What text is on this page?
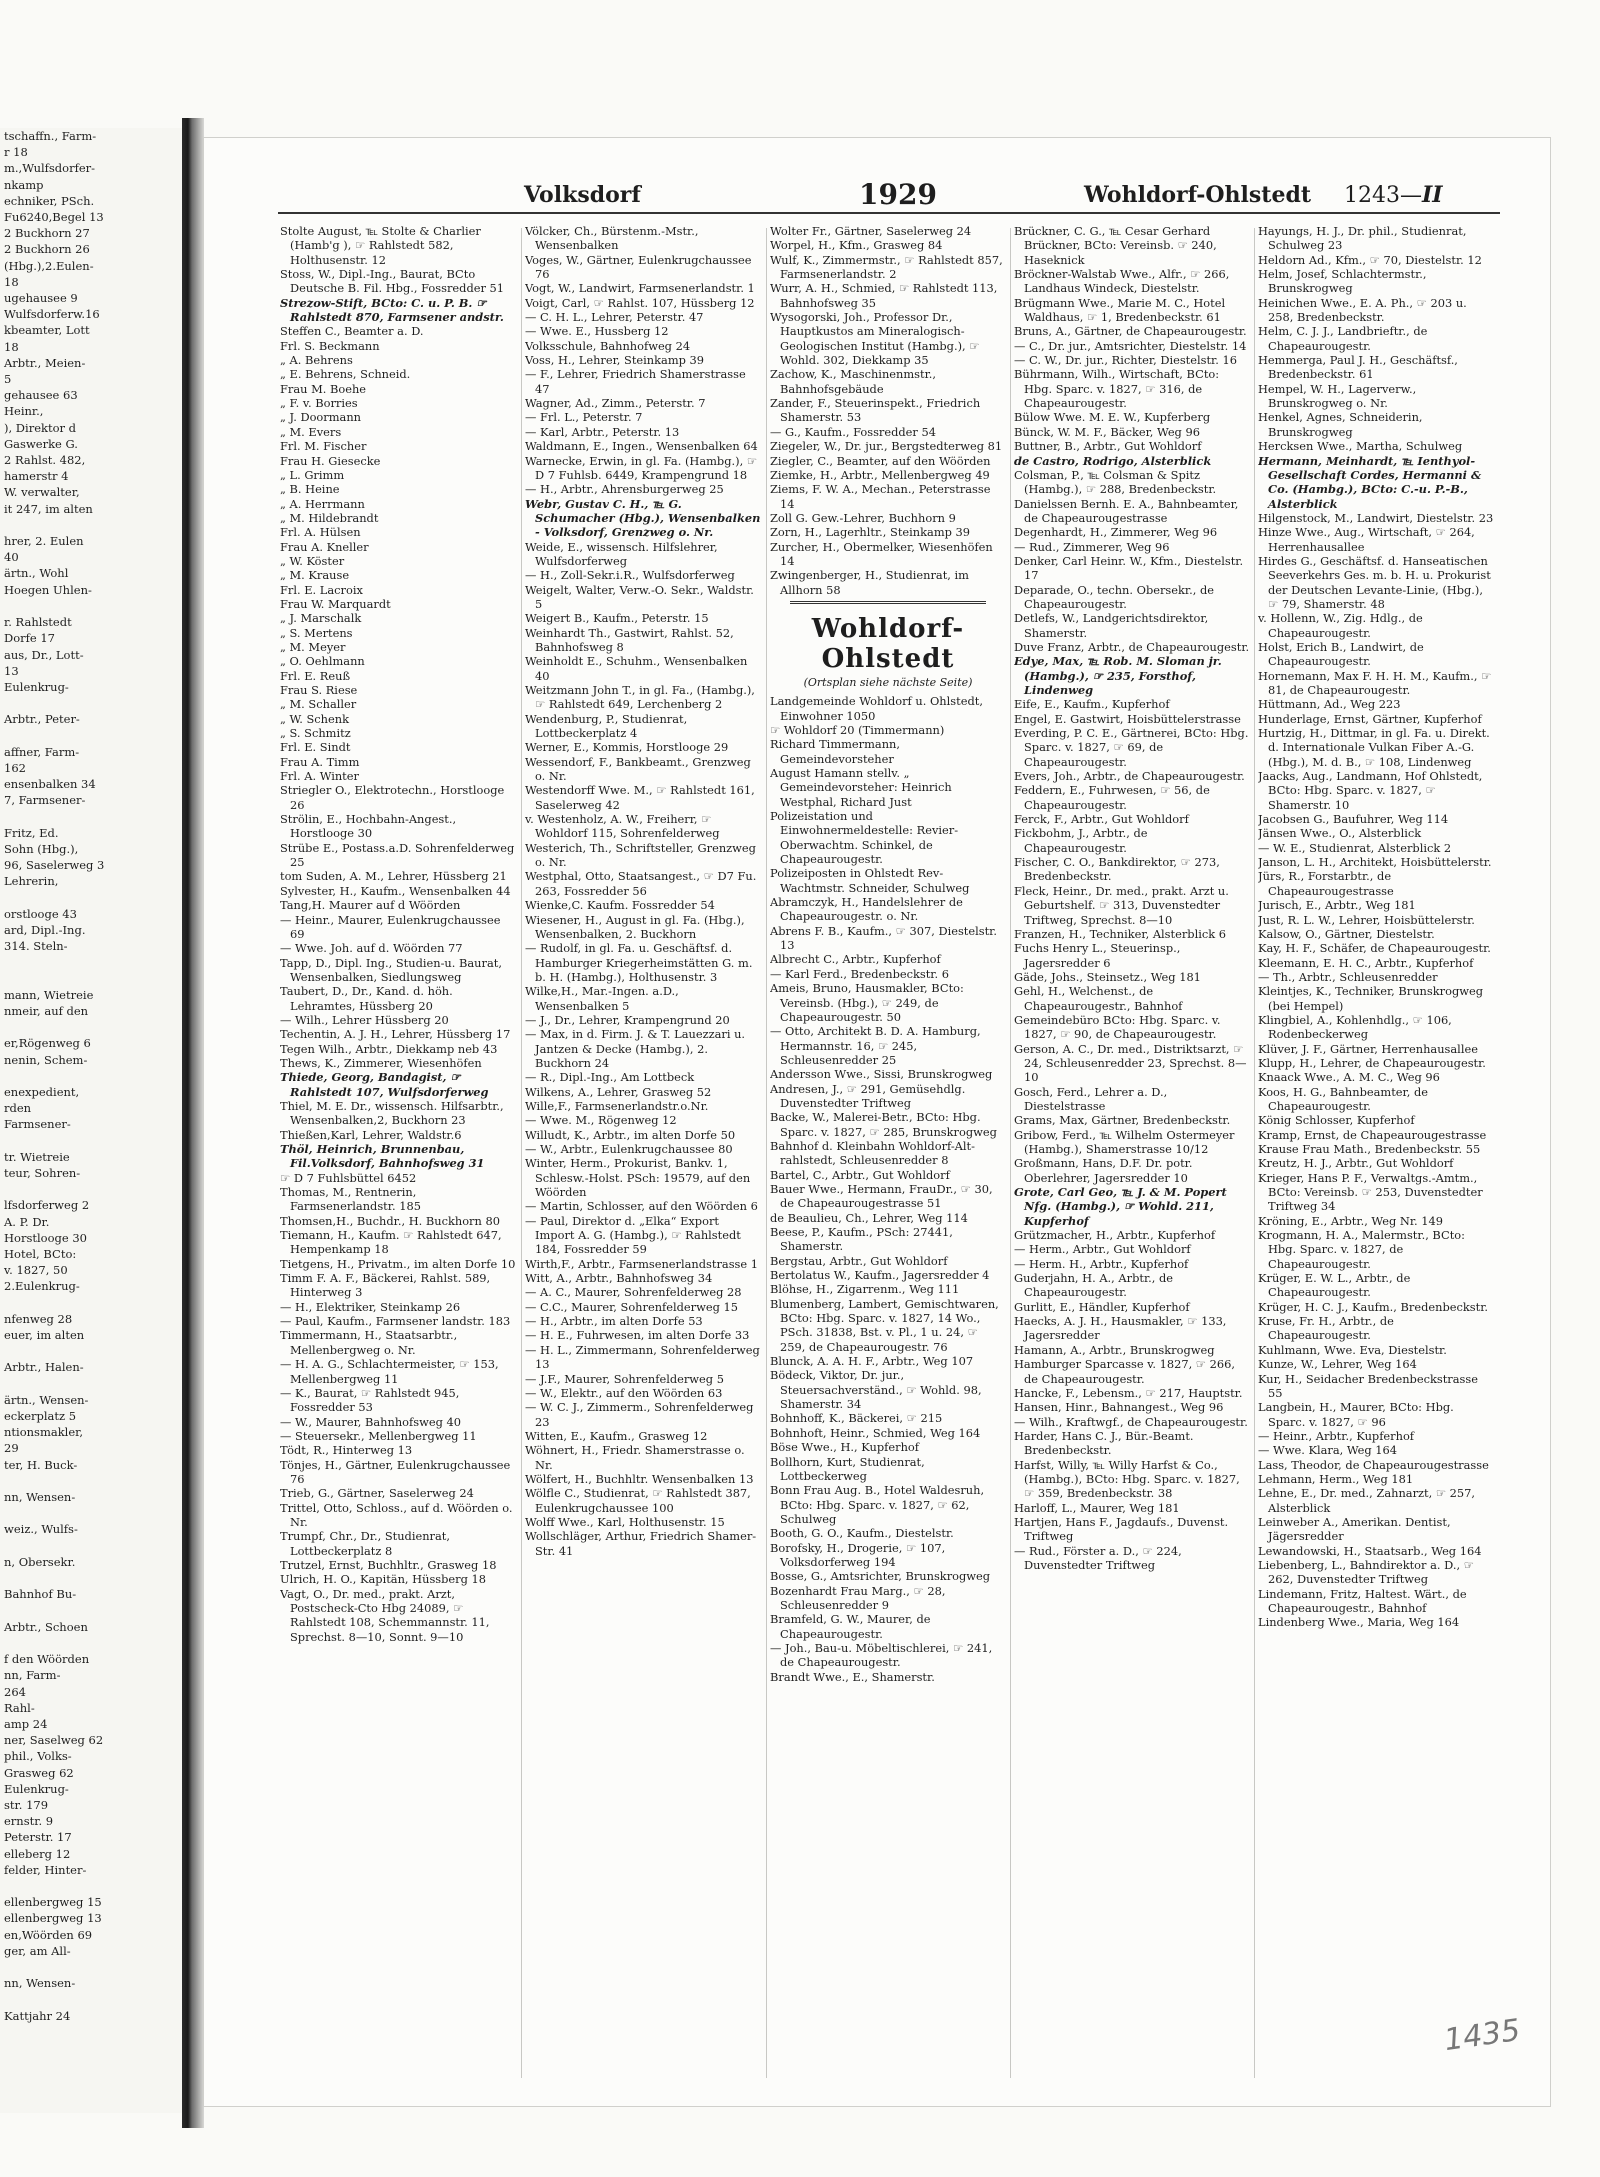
tschaffn., Farm-
r 18
m.,Wulfsdorfer-
nkamp
echniker, PSch.
Fu6240,Begel 13
2 Buckhorn 27
2 Buckhorn 26
(Hbg.),2.Eulen-
18
ugehausee 9
Wulfsdorferw.16
kbeamter, Lott
18
Arbtr., Meien-
5
gehausee 63
Heinr.,
), Direktor d
Gaswerke G.
2 Rahlst. 482,
hamerstr 4
W. verwalter,
it 247, im alten

hrer, 2. Eulen
40
ärtn., Wohl
Hoegen Uhlen-

r. Rahlstedt
Dorfe 17
aus, Dr., Lott-
13
Eulenkrug-

Arbtr., Peter-

affner, Farm-
162
ensenbalken 34
7, Farmsener-

Fritz, Ed.
Sohn (Hbg.),
96, Saselerweg 3
Lehrerin,

orstlooge 43
ard, Dipl.-Ing.
314. Steln-

mann, Wietreie
nmeir, auf den

er,Rögenweg 6
nenin, Schem-

enexpedient,
rden
Farmsener-

tr. Wietreie
teur, Sohren-

lfsdorferweg 2
A. P. Dr.
Horstlooge 30
Hotel, BCto:
v. 1827, 50
2.Eulenkrug-

nfenweg 28
euer, im alten

Arbtr., Halen-

ärtn., Wensen-
eckerplatz 5
ntionsmakler,
29
ter, H. Buck-

nn, Wensen-

weiz., Wulfs-

n, Obersekr.

Bahnhof Bu-

Arbtr., Schoen

f den Wöörden
nn, Farm-
264
Rahl-
amp 24
ner, Saselweg 62
phil., Volks-
Grasweg 62
Eulenkrug-
str. 179
ernstr. 9
Peterstr. 17
elleberg 12
felder, Hinter-

ellenbergweg 15
ellenbergweg 13
en,Wöörden 69
ger, am All-

nn, Wensen-

Kattjahr 24
Volksdorf	1929	Wohldorf-Ohlstedt 1243—II

Stolte August, ℡ Stolte & Charlier (Hamb'g ), ☞ Rahlstedt 582, Holthusenstr. 12

Stoss, W., Dipl.-Ing., Baurat, BCto Deutsche B. Fil. Hbg., Fossredder 51

Strezow-Stift, BCto: C. u. P. B. ☞ Rahlstedt 870, Farmsener andstr.

Steffen C., Beamter a. D.

Frl. S. Beckmann

„ A. Behrens

„ E. Behrens, Schneid.

Frau M. Boehe

„ F. v. Borries

„ J. Doormann

„ M. Evers

Frl. M. Fischer

Frau H. Giesecke

„ L. Grimm

„ B. Heine

„ A. Herrmann

„ M. Hildebrandt

Frl. A. Hülsen

Frau A. Kneller

„ W. Köster

„ M. Krause

Frl. E. Lacroix

Frau W. Marquardt

„ J. Marschalk

„ S. Mertens

„ M. Meyer

„ O. Oehlmann

Frl. E. Reuß

Frau S. Riese

„ M. Schaller

„ W. Schenk

„ S. Schmitz

Frl. E. Sindt

Frau A. Timm

Frl. A. Winter

Striegler O., Elektrotechn., Horstlooge 26

Strölin, E., Hochbahn-Angest., Horstlooge 30

Strübe E., Postass.a.D. Sohrenfelderweg 25

tom Suden, A. M., Lehrer, Hüssberg 21

Sylvester, H., Kaufm., Wensenbalken 44

Tang,H. Maurer auf d Wöörden

— Heinr., Maurer, Eulenkrugchaussee 69

— Wwe. Joh. auf d. Wöörden 77

Tapp, D., Dipl. Ing., Studien-u. Baurat, Wensenbalken, Siedlungsweg

Taubert, D., Dr., Kand. d. höh. Lehramtes, Hüssberg 20

— Wilh., Lehrer Hüssberg 20

Techentin, A. J. H., Lehrer, Hüssberg 17

Tegen Wilh., Arbtr., Diekkamp neb 43

Thews, K., Zimmerer, Wiesenhöfen

Thiede, Georg, Bandagist, ☞ Rahlstedt 107, Wulfsdorferweg

Thiel, M. E. Dr., wissensch. Hilfsarbtr., Wensenbalken,2, Buckhorn 23

Thießen,Karl, Lehrer, Waldstr.6

Thöl, Heinrich, Brunnenbau, Fil.Volksdorf, Bahnhofsweg 31

☞ D 7 Fuhlsbüttel 6452

Thomas, M., Rentnerin, Farmsenerlandstr. 185

Thomsen,H., Buchdr., H. Buckhorn 80

Tiemann, H., Kaufm. ☞ Rahlstedt 647, Hempenkamp 18

Tietgens, H., Privatm., im alten Dorfe 10

Timm F. A. F., Bäckerei, Rahlst. 589, Hinterweg 3

— H., Elektriker, Steinkamp 26

— Paul, Kaufm., Farmsener landstr. 183

Timmermann, H., Staatsarbtr., Mellenbergweg o. Nr.

— H. A. G., Schlachtermeister, ☞ 153, Mellenbergweg 11

— K., Baurat, ☞ Rahlstedt 945, Fossredder 53

— W., Maurer, Bahnhofsweg 40

— Steuersekr., Mellenbergweg 11

Tödt, R., Hinterweg 13

Tönjes, H., Gärtner, Eulenkrugchaussee 76

Trieb, G., Gärtner, Saselerweg 24

Trittel, Otto, Schloss., auf d. Wöörden o. Nr.

Trumpf, Chr., Dr., Studienrat, Lottbeckerplatz 8

Trutzel, Ernst, Buchhltr., Grasweg 18

Ulrich, H. O., Kapitän, Hüssberg 18

Vagt, O., Dr. med., prakt. Arzt, Postscheck-Cto Hbg 24089, ☞ Rahlstedt 108, Schemmannstr. 11, Sprechst. 8—10, Sonnt. 9—10

Völcker, Ch., Bürstenm.-Mstr., Wensenbalken

Voges, W., Gärtner, Eulenkrugchaussee 76

Vogt, W., Landwirt, Farmsenerlandstr. 1

Voigt, Carl, ☞ Rahlst. 107, Hüssberg 12

— C. H. L., Lehrer, Peterstr. 47

— Wwe. E., Hussberg 12

Volksschule, Bahnhofweg 24

Voss, H., Lehrer, Steinkamp 39

— F., Lehrer, Friedrich Shamerstrasse 47

Wagner, Ad., Zimm., Peterstr. 7

— Frl. L., Peterstr. 7

— Karl, Arbtr., Peterstr. 13

Waldmann, E., Ingen., Wensenbalken 64

Warnecke, Erwin, in gl. Fa. (Hambg.), ☞ D 7 Fuhlsb. 6449, Krampengrund 18

— H., Arbtr., Ahrensburgerweg 25

Webr, Gustav C. H., ℡ G. Schumacher (Hbg.), Wensenbalken - Volksdorf, Grenzweg o. Nr.

Weide, E., wissensch. Hilfslehrer, Wulfsdorferweg

— H., Zoll-Sekr.i.R., Wulfsdorferweg

Weigelt, Walter, Verw.-O. Sekr., Waldstr. 5

Weigert B., Kaufm., Peterstr. 15

Weinhardt Th., Gastwirt, Rahlst. 52, Bahnhofsweg 8

Weinholdt E., Schuhm., Wensenbalken 40

Weitzmann John T., in gl. Fa., (Hambg.), ☞ Rahlstedt 649, Lerchenberg 2

Wendenburg, P., Studienrat, Lottbeckerplatz 4

Werner, E., Kommis, Horstlooge 29

Wessendorf, F., Bankbeamt., Grenzweg o. Nr.

Westendorff Wwe. M., ☞ Rahlstedt 161, Saselerweg 42

v. Westenholz, A. W., Freiherr, ☞ Wohldorf 115, Sohrenfelderweg

Westerich, Th., Schriftsteller, Grenzweg o. Nr.

Westphal, Otto, Staatsangest., ☞ D7 Fu. 263, Fossredder 56

Wienke,C. Kaufm. Fossredder 54

Wiesener, H., August in gl. Fa. (Hbg.), Wensenbalken, 2. Buckhorn

— Rudolf, in gl. Fa. u. Geschäftsf. d. Hamburger Kriegerheimstätten G. m. b. H. (Hambg.), Holthusenstr. 3

Wilke,H., Mar.-Ingen. a.D., Wensenbalken 5

— J., Dr., Lehrer, Krampengrund 20

— Max, in d. Firm. J. & T. Lauezzari u. Jantzen & Decke (Hambg.), 2. Buckhorn 24

— R., Dipl.-Ing., Am Lottbeck

Wilkens, A., Lehrer, Grasweg 52

Wille,F., Farmsenerlandstr.o.Nr.

— Wwe. M., Rögenweg 12

Willudt, K., Arbtr., im alten Dorfe 50

— W., Arbtr., Eulenkrugchaussee 80

Winter, Herm., Prokurist, Bankv. 1, Schlesw.-Holst. PSch: 19579, auf den Wöörden

— Martin, Schlosser, auf den Wöörden 6

— Paul, Direktor d. „Elka“ Export Import A. G. (Hambg.), ☞ Rahlstedt 184, Fossredder 59

Wirth,F., Arbtr., Farmsenerlandstrasse 1

Witt, A., Arbtr., Bahnhofsweg 34

— A. C., Maurer, Sohrenfelderweg 28

— C.C., Maurer, Sohrenfelderweg 15

— H., Arbtr., im alten Dorfe 53

— H. E., Fuhrwesen, im alten Dorfe 33

— H. L., Zimmermann, Sohrenfelderweg 13

— J.F., Maurer, Sohrenfelderweg 5

— W., Elektr., auf den Wöörden 63

— W. C. J., Zimmerm., Sohrenfelderweg 23

Witten, E., Kaufm., Grasweg 12

Wöhnert, H., Friedr. Shamerstrasse o. Nr.

Wölfert, H., Buchhltr. Wensenbalken 13

Wölfle C., Studienrat, ☞ Rahlstedt 387, Eulenkrugchaussee 100

Wolff Wwe., Karl, Holthusenstr. 15

Wollschläger, Arthur, Friedrich Shamer-Str. 41

Wolter Fr., Gärtner, Saselerweg 24

Worpel, H., Kfm., Grasweg 84

Wulf, K., Zimmermstr., ☞ Rahlstedt 857, Farmsenerlandstr. 2

Wurr, A. H., Schmied, ☞ Rahlstedt 113, Bahnhofsweg 35

Wysogorski, Joh., Professor Dr., Hauptkustos am Mineralogisch-Geologischen Institut (Hambg.), ☞ Wohld. 302, Diekkamp 35

Zachow, K., Maschinenmstr., Bahnhofsgebäude

Zander, F., Steuerinspekt., Friedrich Shamerstr. 53

— G., Kaufm., Fossredder 54

Ziegeler, W., Dr. jur., Bergstedterweg 81

Ziegler, C., Beamter, auf den Wöörden

Ziemke, H., Arbtr., Mellenbergweg 49

Ziems, F. W. A., Mechan., Peterstrasse 14

Zoll G. Gew.-Lehrer, Buchhorn 9

Zorn, H., Lagerhltr., Steinkamp 39

Zurcher, H., Obermelker, Wiesenhöfen 14

Zwingenberger, H., Studienrat, im Allhorn 58

Wohldorf-
Ohlstedt
(Ortsplan siehe nächste Seite)

Landgemeinde Wohldorf u. Ohlstedt, Einwohner 1050

☞ Wohldorf 20 (Timmermann)

Richard Timmermann, Gemeindevorsteher

August Hamann stellv. „ Gemeindevorsteher: Heinrich Westphal, Richard Just

Polizeistation und Einwohnermeldestelle: Revier-Oberwachtm. Schinkel, de Chapeaurougestr.

Polizeiposten in Ohlstedt Rev-Wachtmstr. Schneider, Schulweg

Abramczyk, H., Handelslehrer de Chapeaurougestr. o. Nr.

Abrens F. B., Kaufm., ☞ 307, Diestelstr. 13

Albrecht C., Arbtr., Kupferhof

— Karl Ferd., Bredenbeckstr. 6

Ameis, Bruno, Hausmakler, BCto: Vereinsb. (Hbg.), ☞ 249, de Chapeaurougestr. 50

— Otto, Architekt B. D. A. Hamburg, Hermannstr. 16, ☞ 245, Schleusenredder 25

Andersson Wwe., Sissi, Brunskrogweg

Andresen, J., ☞ 291, Gemüsehdlg. Duvenstedter Triftweg

Backe, W., Malerei-Betr., BCto: Hbg. Sparc. v. 1827, ☞ 285, Brunskrogweg

Bahnhof d. Kleinbahn Wohldorf-Alt-rahlstedt, Schleusenredder 8

Bartel, C., Arbtr., Gut Wohldorf

Bauer Wwe., Hermann, FrauDr., ☞ 30, de Chapeaurougestrasse 51

de Beaulieu, Ch., Lehrer, Weg 114

Beese, P., Kaufm., PSch: 27441, Shamerstr.

Bergstau, Arbtr., Gut Wohldorf

Bertolatus W., Kaufm., Jagersredder 4

Blöhse, H., Zigarrenm., Weg 111

Blumenberg, Lambert, Gemischtwaren, BCto: Hbg. Sparc. v. 1827, 14 Wo., PSch. 31838, Bst. v. Pl., 1 u. 24, ☞ 259, de Chapeaurougestr. 76

Blunck, A. A. H. F., Arbtr., Weg 107

Bödeck, Viktor, Dr. jur., Steuersachverständ., ☞ Wohld. 98, Shamerstr. 34

Bohnhoff, K., Bäckerei, ☞ 215

Bohnhoft, Heinr., Schmied, Weg 164

Böse Wwe., H., Kupferhof

Bollhorn, Kurt, Studienrat, Lottbeckerweg

Bonn Frau Aug. B., Hotel Waldesruh, BCto: Hbg. Sparc. v. 1827, ☞ 62, Schulweg

Booth, G. O., Kaufm., Diestelstr.

Borofsky, H., Drogerie, ☞ 107, Volksdorferweg 194

Bosse, G., Amtsrichter, Brunskrogweg

Bozenhardt Frau Marg., ☞ 28, Schleusenredder 9

Bramfeld, G. W., Maurer, de Chapeaurougestr.

— Joh., Bau-u. Möbeltischlerei, ☞ 241, de Chapeaurougestr.

Brandt Wwe., E., Shamerstr.

Brückner, C. G., ℡ Cesar Gerhard Brückner, BCto: Vereinsb. ☞ 240, Haseknick

Bröckner-Walstab Wwe., Alfr., ☞ 266, Landhaus Windeck, Diestelstr.

Brügmann Wwe., Marie M. C., Hotel Waldhaus, ☞ 1, Bredenbeckstr. 61

Bruns, A., Gärtner, de Chapeaurougestr.

— C., Dr. jur., Amtsrichter, Diestelstr. 14

— C. W., Dr. jur., Richter, Diestelstr. 16

Bührmann, Wilh., Wirtschaft, BCto: Hbg. Sparc. v. 1827, ☞ 316, de Chapeaurougestr.

Bülow Wwe. M. E. W., Kupferberg

Bünck, W. M. F., Bäcker, Weg 96

Buttner, B., Arbtr., Gut Wohldorf

de Castro, Rodrigo, Alsterblick

Colsman, P., ℡ Colsman & Spitz (Hambg.), ☞ 288, Bredenbeckstr.

Danielssen Bernh. E. A., Bahnbeamter, de Chapeaurougestrasse

Degenhardt, H., Zimmerer, Weg 96

— Rud., Zimmerer, Weg 96

Denker, Carl Heinr. W., Kfm., Diestelstr. 17

Deparade, O., techn. Obersekr., de Chapeaurougestr.

Detlefs, W., Landgerichtsdirektor, Shamerstr.

Duve Franz, Arbtr., de Chapeaurougestr.

Edye, Max, ℡ Rob. M. Sloman jr. (Hambg.), ☞ 235, Forsthof, Lindenweg

Eife, E., Kaufm., Kupferhof

Engel, E. Gastwirt, Hoisbüttelerstrasse

Everding, P. C. E., Gärtnerei, BCto: Hbg. Sparc. v. 1827, ☞ 69, de Chapeaurougestr.

Evers, Joh., Arbtr., de Chapeaurougestr.

Feddern, E., Fuhrwesen, ☞ 56, de Chapeaurougestr.

Ferck, F., Arbtr., Gut Wohldorf

Fickbohm, J., Arbtr., de Chapeaurougestr.

Fischer, C. O., Bankdirektor, ☞ 273, Bredenbeckstr.

Fleck, Heinr., Dr. med., prakt. Arzt u. Geburtshelf. ☞ 313, Duvenstedter Triftweg, Sprechst. 8—10

Franzen, H., Techniker, Alsterblick 6

Fuchs Henry L., Steuerinsp., Jagersredder 6

Gäde, Johs., Steinsetz., Weg 181

Gehl, H., Welchenst., de Chapeaurougestr., Bahnhof

Gemeindebüro BCto: Hbg. Sparc. v. 1827, ☞ 90, de Chapeaurougestr.

Gerson, A. C., Dr. med., Distriktsarzt, ☞ 24, Schleusenredder 23, Sprechst. 8—10

Gosch, Ferd., Lehrer a. D., Diestelstrasse

Grams, Max, Gärtner, Bredenbeckstr.

Gribow, Ferd., ℡ Wilhelm Ostermeyer (Hambg.), Shamerstrasse 10/12

Großmann, Hans, D.F. Dr. potr. Oberlehrer, Jagersredder 10

Grote, Carl Geo, ℡ J. & M. Popert Nfg. (Hambg.), ☞ Wohld. 211, Kupferhof

Grützmacher, H., Arbtr., Kupferhof

— Herm., Arbtr., Gut Wohldorf

— Herm. H., Arbtr., Kupferhof

Guderjahn, H. A., Arbtr., de Chapeaurougestr.

Gurlitt, E., Händler, Kupferhof

Haecks, A. J. H., Hausmakler, ☞ 133, Jagersredder

Hamann, A., Arbtr., Brunskrogweg

Hamburger Sparcasse v. 1827, ☞ 266, de Chapeaurougestr.

Hancke, F., Lebensm., ☞ 217, Hauptstr.

Hansen, Hinr., Bahnangest., Weg 96

— Wilh., Kraftwgf., de Chapeaurougestr.

Harder, Hans C. J., Bür.-Beamt. Bredenbeckstr.

Harfst, Willy, ℡ Willy Harfst & Co., (Hambg.), BCto: Hbg. Sparc. v. 1827, ☞ 359, Bredenbeckstr. 38

Harloff, L., Maurer, Weg 181

Hartjen, Hans F., Jagdaufs., Duvenst. Triftweg

— Rud., Förster a. D., ☞ 224, Duvenstedter Triftweg

Hayungs, H. J., Dr. phil., Studienrat, Schulweg 23

Heldorn Ad., Kfm., ☞ 70, Diestelstr. 12

Helm, Josef, Schlachtermstr., Brunskrogweg

Heinichen Wwe., E. A. Ph., ☞ 203 u. 258, Bredenbeckstr.

Helm, C. J. J., Landbrieftr., de Chapeaurougestr.

Hemmerga, Paul J. H., Geschäftsf., Bredenbeckstr. 61

Hempel, W. H., Lagerverw., Brunskrogweg o. Nr.

Henkel, Agnes, Schneiderin, Brunskrogweg

Hercksen Wwe., Martha, Schulweg

Hermann, Meinhardt, ℡ Ienthyol-Gesellschaft Cordes, Hermanni & Co. (Hambg.), BCto: C.-u. P.-B., Alsterblick

Hilgenstock, M., Landwirt, Diestelstr. 23

Hinze Wwe., Aug., Wirtschaft, ☞ 264, Herrenhausallee

Hirdes G., Geschäftsf. d. Hanseatischen Seeverkehrs Ges. m. b. H. u. Prokurist der Deutschen Levante-Linie, (Hbg.), ☞ 79, Shamerstr. 48

v. Hollenn, W., Zig. Hdlg., de Chapeaurougestr.

Holst, Erich B., Landwirt, de Chapeaurougestr.

Hornemann, Max F. H. H. M., Kaufm., ☞ 81, de Chapeaurougestr.

Hüttmann, Ad., Weg 223

Hunderlage, Ernst, Gärtner, Kupferhof

Hurtzig, H., Dittmar, in gl. Fa. u. Direkt. d. Internationale Vulkan Fiber A.-G. (Hbg.), M. d. B., ☞ 108, Lindenweg

Jaacks, Aug., Landmann, Hof Ohlstedt, BCto: Hbg. Sparc. v. 1827, ☞ Shamerstr. 10

Jacobsen G., Baufuhrer, Weg 114

Jänsen Wwe., O., Alsterblick

— W. E., Studienrat, Alsterblick 2

Janson, L. H., Architekt, Hoisbüttelerstr.

Jürs, R., Forstarbtr., de Chapeaurougestrasse

Jurisch, E., Arbtr., Weg 181

Just, R. L. W., Lehrer, Hoisbüttelerstr.

Kalsow, O., Gärtner, Diestelstr.

Kay, H. F., Schäfer, de Chapeaurougestr.

Kleemann, E. H. C., Arbtr., Kupferhof

— Th., Arbtr., Schleusenredder

Kleintjes, K., Techniker, Brunskrogweg (bei Hempel)

Klingbiel, A., Kohlenhdlg., ☞ 106, Rodenbeckerweg

Klüver, J. F., Gärtner, Herrenhausallee

Klupp, H., Lehrer, de Chapeaurougestr.

Knaack Wwe., A. M. C., Weg 96

Koos, H. G., Bahnbeamter, de Chapeaurougestr.

König Schlosser, Kupferhof

Kramp, Ernst, de Chapeaurougestrasse

Krause Frau Math., Bredenbeckstr. 55

Kreutz, H. J., Arbtr., Gut Wohldorf

Krieger, Hans P. F., Verwaltgs.-Amtm., BCto: Vereinsb. ☞ 253, Duvenstedter Triftweg 34

Kröning, E., Arbtr., Weg Nr. 149

Krogmann, H. A., Malermstr., BCto: Hbg. Sparc. v. 1827, de Chapeaurougestr.

Krüger, E. W. L., Arbtr., de Chapeaurougestr.

Krüger, H. C. J., Kaufm., Bredenbeckstr.

Kruse, Fr. H., Arbtr., de Chapeaurougestr.

Kuhlmann, Wwe. Eva, Diestelstr.

Kunze, W., Lehrer, Weg 164

Kur, H., Seidacher Bredenbeckstrasse 55

Langbein, H., Maurer, BCto: Hbg. Sparc. v. 1827, ☞ 96

— Heinr., Arbtr., Kupferhof

— Wwe. Klara, Weg 164

Lass, Theodor, de Chapeaurougestrasse

Lehmann, Herm., Weg 181

Lehne, E., Dr. med., Zahnarzt, ☞ 257, Alsterblick

Leinweber A., Amerikan. Dentist, Jägersredder

Lewandowski, H., Staatsarb., Weg 164

Liebenberg, L., Bahndirektor a. D., ☞ 262, Duvenstedter Triftweg

Lindemann, Fritz, Haltest. Wärt., de Chapeaurougestr., Bahnhof

Lindenberg Wwe., Maria, Weg 164

1435
